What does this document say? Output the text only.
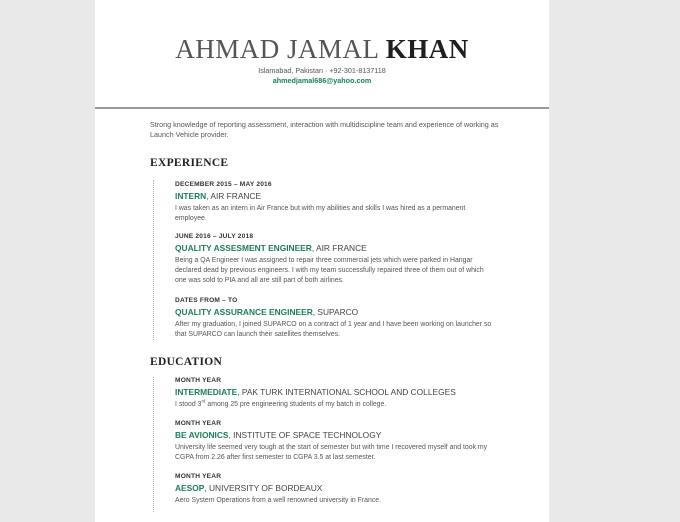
AHMAD JAMAL KHAN
Islamabad, Pakistan · +92-301-8137118
ahmedjamal686@yahoo.com
Strong knowledge of reporting assessment, interaction with multidiscipline team and experience of working as Launch Vehicle provider.
EXPERIENCE
DECEMBER 2015 – MAY 2016
INTERN, AIR FRANCE
I was taken as an intern in Air France but with my abilities and skills I was hired as a permanent employee.
JUNE 2016 – JULY 2018
QUALITY ASSESMENT ENGINEER, AIR FRANCE
Being a QA Engineer I was assigned to repair three commercial jets which were parked in Hangar declared dead by previous engineers. I with my team successfully repaired three of them out of which one was sold to PIA and all are still part of both airlines.
DATES FROM – TO
QUALITY ASSURANCE ENGINEER, SUPARCO
After my graduation, I joined SUPARCO on a contract of 1 year and I have been working on launcher so that SUPARCO can launch their satellites themselves.
EDUCATION
MONTH YEAR
INTERMEDIATE, PAK TURK INTERNATIONAL SCHOOL AND COLLEGES
I stood 3rd among 25 pre engineering students of my batch in college.
MONTH YEAR
BE AVIONICS, INSTITUTE OF SPACE TECHNOLOGY
University life seemed very tough at the start of semester but with time I recovered myself and took my CGPA from 2.26 after first semester to CGPA 3.5 at last semester.
MONTH YEAR
AESOP, UNIVERSITY OF BORDEAUX
Aero System Operations from a well renowned university in France.
